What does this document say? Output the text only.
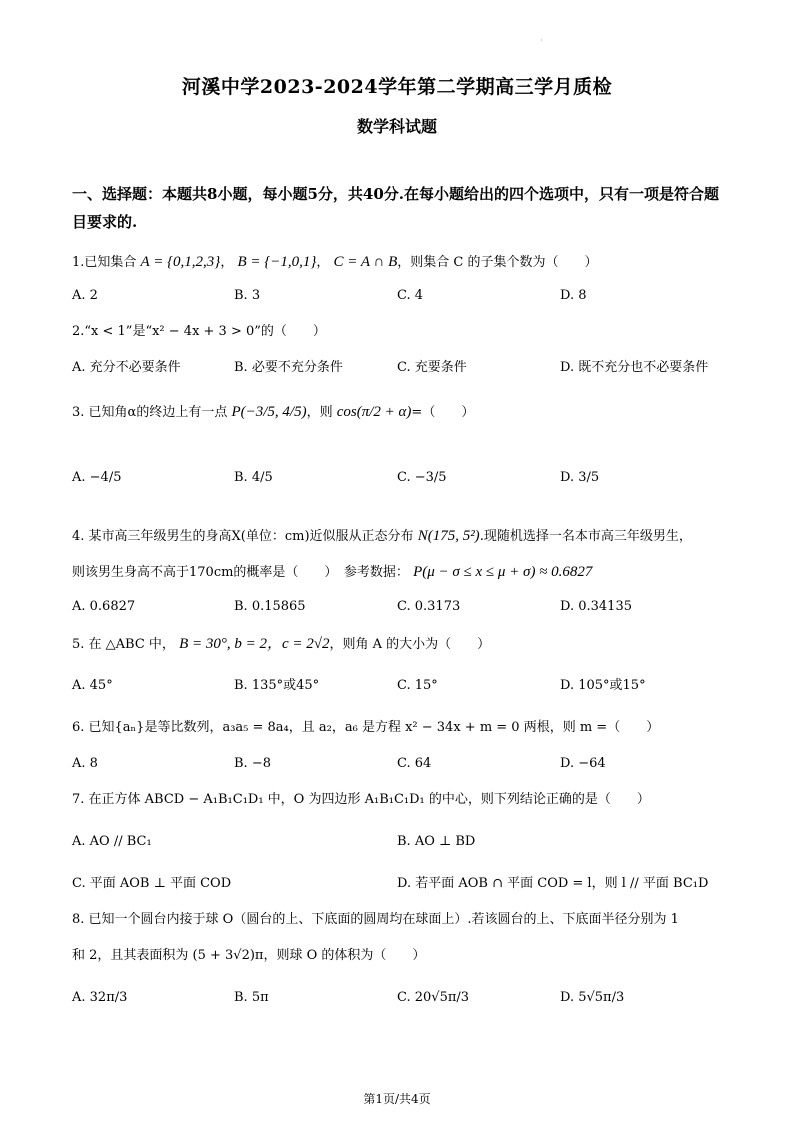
·
河溪中学2023-2024学年第二学期高三学月质检
数学科试题
一、选择题：本题共8小题，每小题5分，共40分.在每小题给出的四个选项中，只有一项是符合题目要求的.
1.已知集合 A = {0,1,2,3}， B = {−1,0,1}， C = A ∩ B，则集合 C 的子集个数为（　　）
A. 2	B. 3	C. 4	D. 8
2.“x < 1”是“x² − 4x + 3 > 0”的（　　）
A. 充分不必要条件	B. 必要不充分条件	C. 充要条件	D. 既不充分也不必要条件
3. 已知角α的终边上有一点 P(−3/5, 4/5)，则 cos(π/2 + α)=（　　）
A. −4/5	B. 4/5	C. −3/5	D. 3/5
4. 某市高三年级男生的身高X(单位：cm)近似服从正态分布 N(175, 5²).现随机选择一名本市高三年级男生，
则该男生身高不高于170cm的概率是（　　）　参考数据： P(μ − σ ≤ x ≤ μ + σ) ≈ 0.6827
A. 0.6827	B. 0.15865	C. 0.3173	D. 0.34135
5. 在 △ABC 中， B = 30°, b = 2，c = 2√2，则角 A 的大小为（　　）
A. 45°	B. 135°或45°	C. 15°	D. 105°或15°
6. 已知{aₙ}是等比数列，a₃a₅ = 8a₄，且 a₂，a₆ 是方程 x² − 34x + m = 0 两根，则 m =（　　）
A. 8	B. −8	C. 64	D. −64
7. 在正方体 ABCD − A₁B₁C₁D₁ 中，O 为四边形 A₁B₁C₁D₁ 的中心，则下列结论正确的是（　　）
A. AO // BC₁	B. AO ⊥ BD
C. 平面 AOB ⊥ 平面 COD	D. 若平面 AOB ∩ 平面 COD = l，则 l // 平面 BC₁D
8. 已知一个圆台内接于球 O（圆台的上、下底面的圆周均在球面上）.若该圆台的上、下底面半径分别为 1
和 2，且其表面积为 (5 + 3√2)π，则球 O 的体积为（　　）
A. 32π/3	B. 5π	C. 20√5π/3	D. 5√5π/3
第1页/共4页
